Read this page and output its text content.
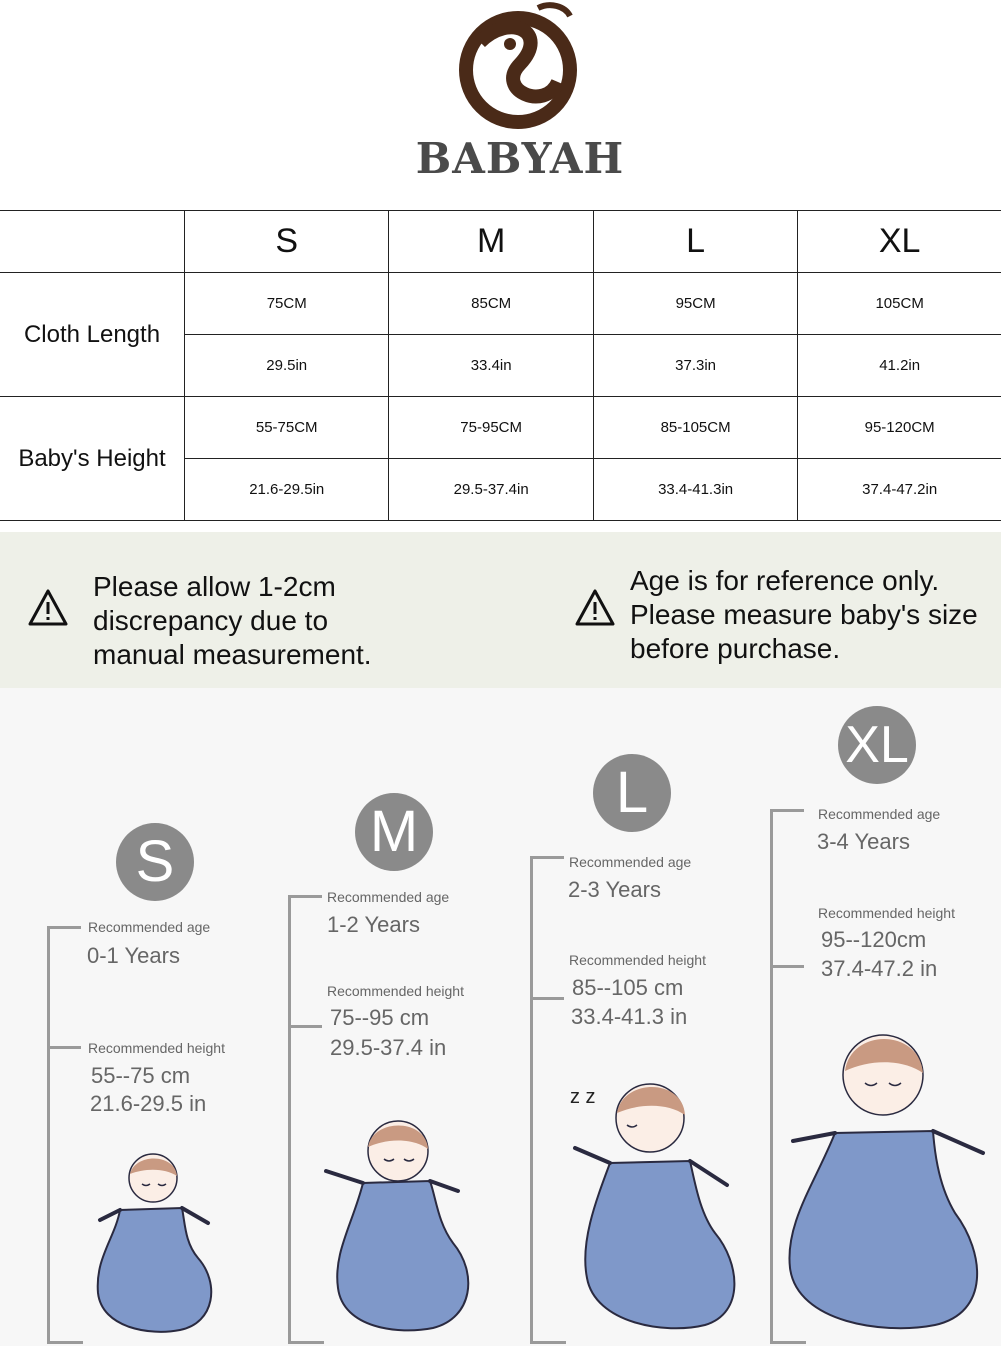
BABYAH
	S	M	L	XL
Cloth Length	75CM	85CM	95CM	105CM
	29.5in	33.4in	37.3in	41.2in
Baby's Height	55-75CM	75-95CM	85-105CM	95-120CM
	21.6-29.5in	29.5-37.4in	33.4-41.3in	37.4-47.2in
Please allow 1-2cm
discrepancy due to
manual measurement.
Age is for reference only.
Please measure baby's size
before purchase.
S
Recommended age
0-1 Years
Recommended height
55--75 cm
21.6-29.5 in
M
Recommended age
1-2 Years
Recommended height
75--95 cm
29.5-37.4 in
L
Recommended age
2-3 Years
Recommended height
85--105 cm
33.4-41.3 in
XL
Recommended age
3-4 Years
Recommended height
95--120cm
37.4-47.2 in
z z
